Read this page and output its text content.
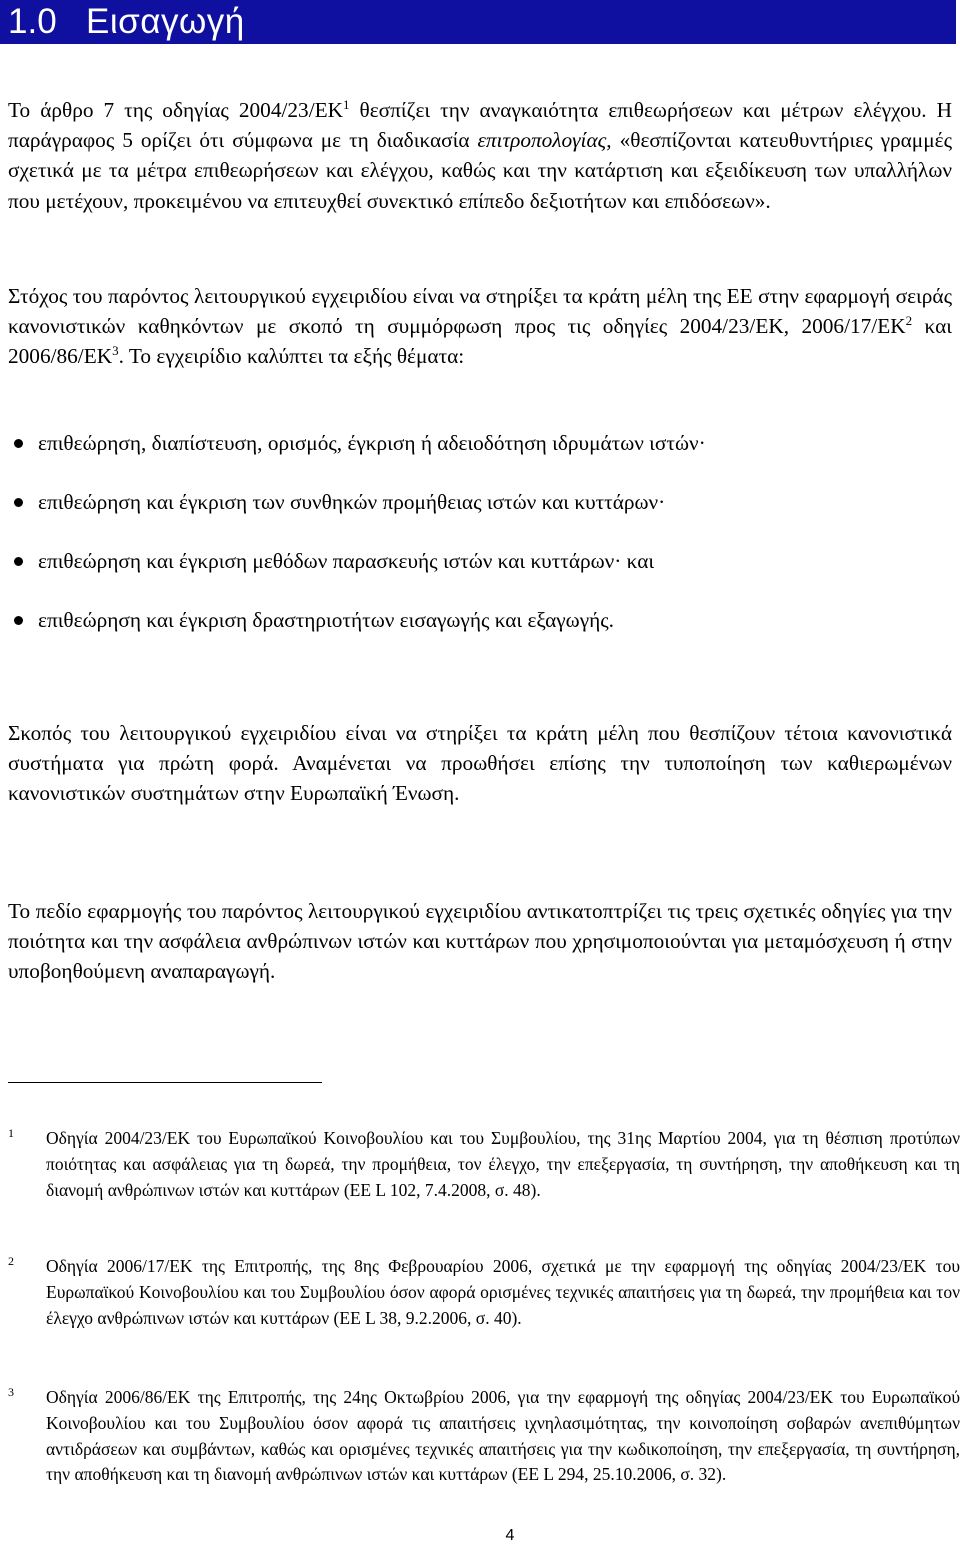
1.0 Εισαγωγή
Το άρθρο 7 της οδηγίας $2004/23/EK^1$ θεσπίζει την αναγκαιότητα επιθεωρήσεων και μέτρων ελέγχου. Η παράγραφος 5 ορίζει ότι σύμφωνα με τη διαδικασία επιτροπολογίας, «θεσπίζονται κατευθυντήριες γραμμές σχετικά με τα μέτρα επιθεωρήσεων και ελέγχου, καθώς και την κατάρτιση και εξειδίκευση των υπαλλήλων που μετέχουν, προκειμένου να επιτευχθεί συνεκτικό επίπεδο δεξιοτήτων και επιδόσεων».
Στόχος του παρόντος λειτουργικού εγχειριδίου είναι να στηρίξει τα κράτη μέλη της ΕΕ στην εφαρμογή σειράς κανονιστικών καθηκόντων με σκοπό τη συμμόρφωση προς τις οδηγίες 2004/23/ΕΚ, $2006/17/EK^2$ και $2006/86/EK^3$. Το εγχειρίδιο καλύπτει τα εξής θέματα:
επιθεώρηση, διαπίστευση, ορισμός, έγκριση ή αδειοδότηση ιδρυμάτων ιστών·
επιθεώρηση και έγκριση των συνθηκών προμήθειας ιστών και κυττάρων·
επιθεώρηση και έγκριση μεθόδων παρασκευής ιστών και κυττάρων· και
επιθεώρηση και έγκριση δραστηριοτήτων εισαγωγής και εξαγωγής.
Σκοπός του λειτουργικού εγχειριδίου είναι να στηρίξει τα κράτη μέλη που θεσπίζουν τέτοια κανονιστικά συστήματα για πρώτη φορά. Αναμένεται να προωθήσει επίσης την τυποποίηση των καθιερωμένων κανονιστικών συστημάτων στην Ευρωπαϊκή Ένωση.
Το πεδίο εφαρμογής του παρόντος λειτουργικού εγχειριδίου αντικατοπτρίζει τις τρεις σχετικές οδηγίες για την ποιότητα και την ασφάλεια ανθρώπινων ιστών και κυττάρων που χρησιμοποιούνται για μεταμόσχευση ή στην υποβοηθούμενη αναπαραγωγή.
1 Οδηγία 2004/23/ΕΚ του Ευρωπαϊκού Κοινοβουλίου και του Συμβουλίου, της 31ης Μαρτίου 2004, για τη θέσπιση προτύπων ποιότητας και ασφάλειας για τη δωρεά, την προμήθεια, τον έλεγχο, την επεξεργασία, τη συντήρηση, την αποθήκευση και τη διανομή ανθρώπινων ιστών και κυττάρων (ΕΕ L 102, 7.4.2008, σ. 48).
2 Οδηγία 2006/17/ΕΚ της Επιτροπής, της 8ης Φεβρουαρίου 2006, σχετικά με την εφαρμογή της οδηγίας 2004/23/ΕΚ του Ευρωπαϊκού Κοινοβουλίου και του Συμβουλίου όσον αφορά ορισμένες τεχνικές απαιτήσεις για τη δωρεά, την προμήθεια και τον έλεγχο ανθρώπινων ιστών και κυττάρων (ΕΕ L 38, 9.2.2006, σ. 40).
3 Οδηγία 2006/86/ΕΚ της Επιτροπής, της 24ης Οκτωβρίου 2006, για την εφαρμογή της οδηγίας 2004/23/ΕΚ του Ευρωπαϊκού Κοινοβουλίου και του Συμβουλίου όσον αφορά τις απαιτήσεις ιχνηλασιμότητας, την κοινοποίηση σοβαρών ανεπιθύμητων αντιδράσεων και συμβάντων, καθώς και ορισμένες τεχνικές απαιτήσεις για την κωδικοποίηση, την επεξεργασία, τη συντήρηση, την αποθήκευση και τη διανομή ανθρώπινων ιστών και κυττάρων (ΕΕ L 294, 25.10.2006, σ. 32).
4
